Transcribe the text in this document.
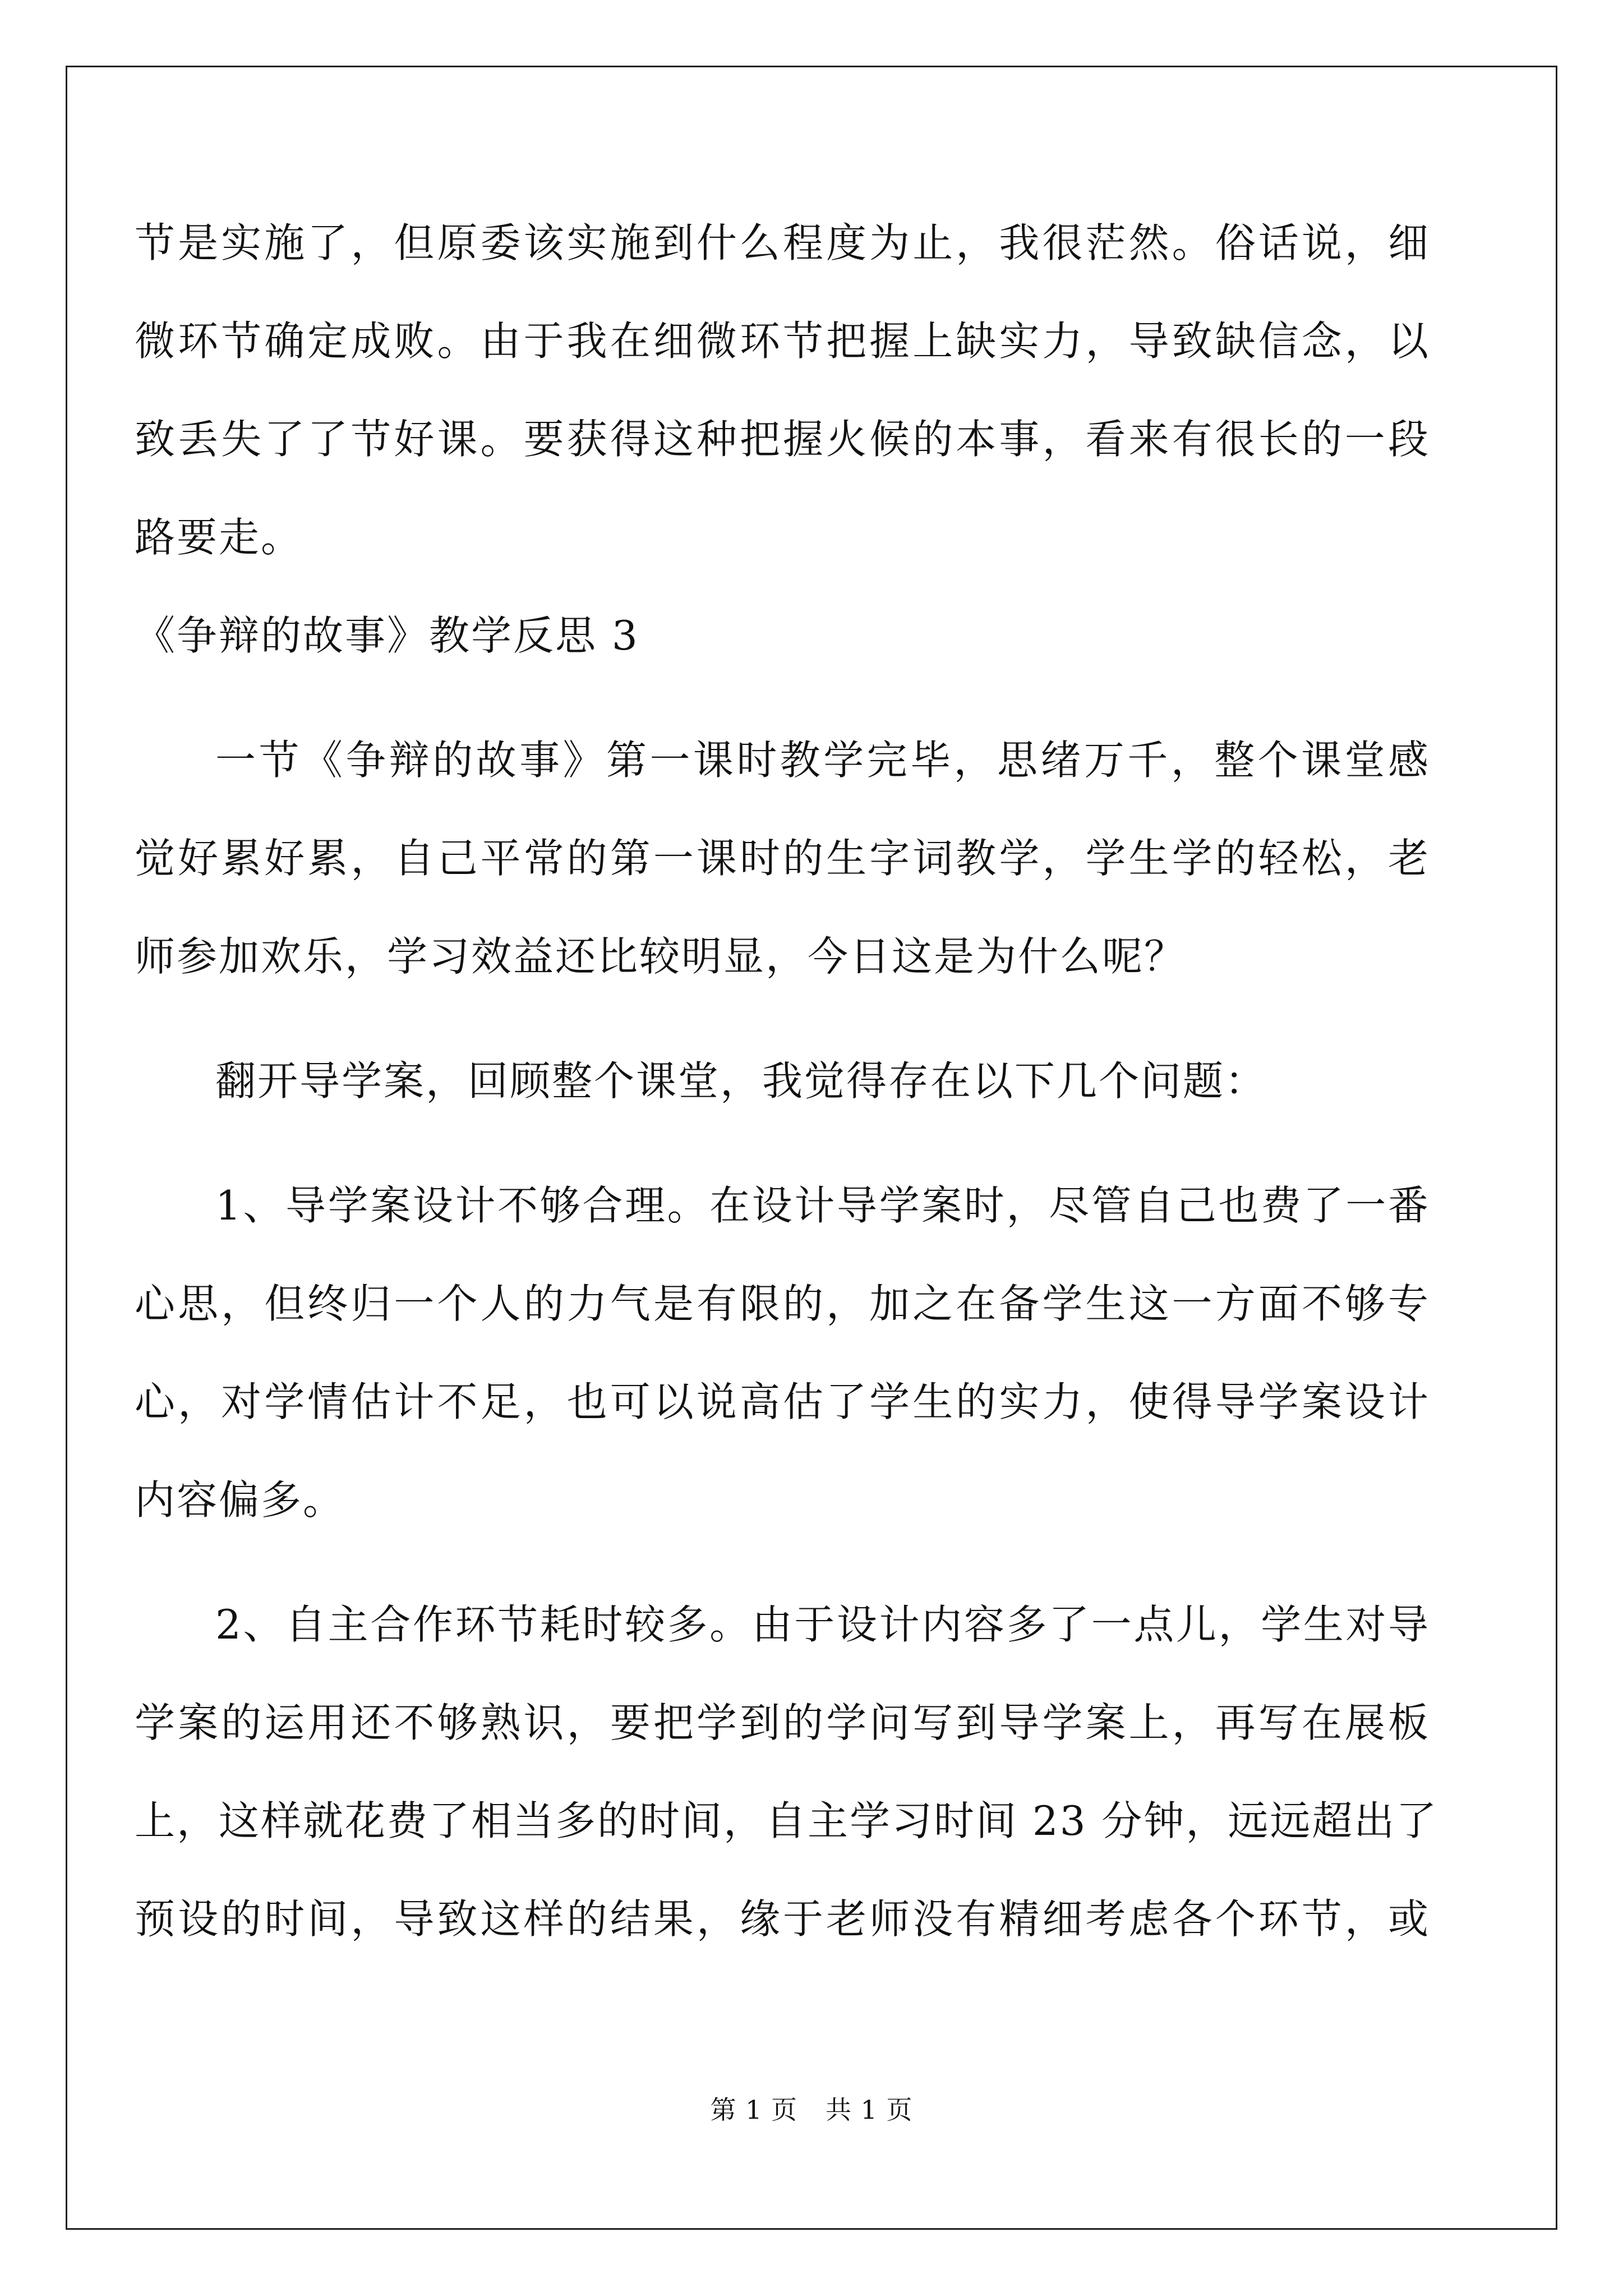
节是实施了，但原委该实施到什么程度为止，我很茫然。俗话说，细
微环节确定成败。由于我在细微环节把握上缺实力，导致缺信念，以
致丢失了了节好课。要获得这种把握火候的本事，看来有很长的一段
路要走。
《争辩的故事》教学反思 3
一节《争辩的故事》第一课时教学完毕，思绪万千，整个课堂感
觉好累好累，自己平常的第一课时的生字词教学，学生学的轻松，老
师参加欢乐，学习效益还比较明显，今日这是为什么呢？
翻开导学案，回顾整个课堂，我觉得存在以下几个问题：
1、导学案设计不够合理。在设计导学案时，尽管自己也费了一番
心思，但终归一个人的力气是有限的，加之在备学生这一方面不够专
心，对学情估计不足，也可以说高估了学生的实力，使得导学案设计
内容偏多。
2、自主合作环节耗时较多。由于设计内容多了一点儿，学生对导
学案的运用还不够熟识，要把学到的学问写到导学案上，再写在展板
上，这样就花费了相当多的时间，自主学习时间 23 分钟，远远超出了
预设的时间，导致这样的结果，缘于老师没有精细考虑各个环节，或
第 1 页 共 1 页
